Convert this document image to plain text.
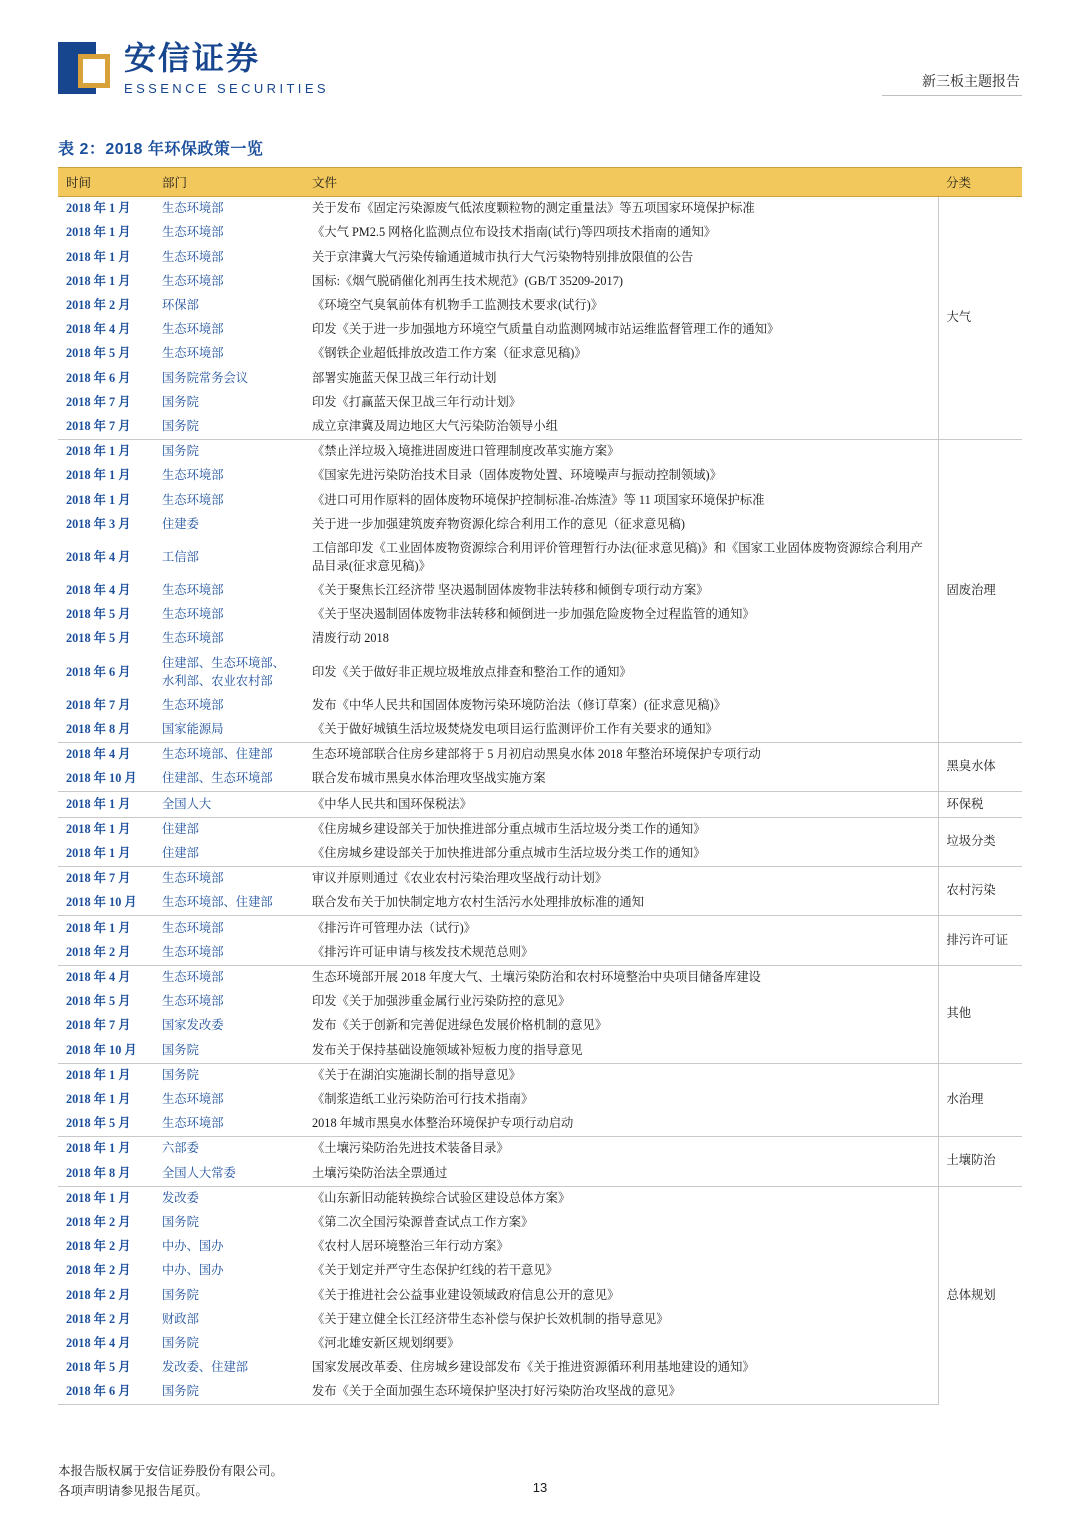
安信证券
ESSENCE SECURITIES	新三板主题报告
表 2：2018 年环保政策一览
时间	部门	文件	分类
2018 年 1 月	生态环境部	关于发布《固定污染源废气低浓度颗粒物的测定重量法》等五项国家环境保护标准	大气
2018 年 1 月	生态环境部	《大气 PM2.5 网格化监测点位布设技术指南(试行)等四项技术指南的通知》	
2018 年 1 月	生态环境部	关于京津冀大气污染传输通道城市执行大气污染物特别排放限值的公告	
2018 年 1 月	生态环境部	国标:《烟气脱硝催化剂再生技术规范》(GB/T 35209-2017)	
2018 年 2 月	环保部	《环境空气臭氧前体有机物手工监测技术要求(试行)》	
2018 年 4 月	生态环境部	印发《关于进一步加强地方环境空气质量自动监测网城市站运维监督管理工作的通知》	
2018 年 5 月	生态环境部	《钢铁企业超低排放改造工作方案（征求意见稿)》	
2018 年 6 月	国务院常务会议	部署实施蓝天保卫战三年行动计划	
2018 年 7 月	国务院	印发《打赢蓝天保卫战三年行动计划》	
2018 年 7 月	国务院	成立京津冀及周边地区大气污染防治领导小组	
2018 年 1 月	国务院	《禁止洋垃圾入境推进固废进口管理制度改革实施方案》	固废治理
2018 年 1 月	生态环境部	《国家先进污染防治技术目录（固体废物处置、环境噪声与振动控制领域)》	
2018 年 1 月	生态环境部	《进口可用作原料的固体废物环境保护控制标准-冶炼渣》等 11 项国家环境保护标准	
2018 年 3 月	住建委	关于进一步加强建筑废弃物资源化综合利用工作的意见（征求意见稿)	
2018 年 4 月	工信部	工信部印发《工业固体废物资源综合利用评价管理暂行办法(征求意见稿)》和《国家工业固体废物资源综合利用产品目录(征求意见稿)》	
2018 年 4 月	生态环境部	《关于聚焦长江经济带 坚决遏制固体废物非法转移和倾倒专项行动方案》	
2018 年 5 月	生态环境部	《关于坚决遏制固体废物非法转移和倾倒进一步加强危险废物全过程监管的通知》	
2018 年 5 月	生态环境部	清废行动 2018	
2018 年 6 月	住建部、生态环境部、水利部、农业农村部	印发《关于做好非正规垃圾堆放点排查和整治工作的通知》	
2018 年 7 月	生态环境部	发布《中华人民共和国固体废物污染环境防治法（修订草案）(征求意见稿)》	
2018 年 8 月	国家能源局	《关于做好城镇生活垃圾焚烧发电项目运行监测评价工作有关要求的通知》	
2018 年 4 月	生态环境部、住建部	生态环境部联合住房乡建部将于 5 月初启动黑臭水体 2018 年整治环境保护专项行动	黑臭水体
2018 年 10 月	住建部、生态环境部	联合发布城市黑臭水体治理攻坚战实施方案	
2018 年 1 月	全国人大	《中华人民共和国环保税法》	环保税
2018 年 1 月	住建部	《住房城乡建设部关于加快推进部分重点城市生活垃圾分类工作的通知》	垃圾分类
2018 年 1 月	住建部	《住房城乡建设部关于加快推进部分重点城市生活垃圾分类工作的通知》	
2018 年 7 月	生态环境部	审议并原则通过《农业农村污染治理攻坚战行动计划》	农村污染
2018 年 10 月	生态环境部、住建部	联合发布关于加快制定地方农村生活污水处理排放标准的通知	
2018 年 1 月	生态环境部	《排污许可管理办法（试行)》	排污许可证
2018 年 2 月	生态环境部	《排污许可证申请与核发技术规范总则》	
2018 年 4 月	生态环境部	生态环境部开展 2018 年度大气、土壤污染防治和农村环境整治中央项目储备库建设	其他
2018 年 5 月	生态环境部	印发《关于加强涉重金属行业污染防控的意见》	
2018 年 7 月	国家发改委	发布《关于创新和完善促进绿色发展价格机制的意见》	
2018 年 10 月	国务院	发布关于保持基础设施领域补短板力度的指导意见	
2018 年 1 月	国务院	《关于在湖泊实施湖长制的指导意见》	水治理
2018 年 1 月	生态环境部	《制浆造纸工业污染防治可行技术指南》	
2018 年 5 月	生态环境部	2018 年城市黑臭水体整治环境保护专项行动启动	
2018 年 1 月	六部委	《土壤污染防治先进技术装备目录》	土壤防治
2018 年 8 月	全国人大常委	土壤污染防治法全票通过	
2018 年 1 月	发改委	《山东新旧动能转换综合试验区建设总体方案》	总体规划
2018 年 2 月	国务院	《第二次全国污染源普查试点工作方案》	
2018 年 2 月	中办、国办	《农村人居环境整治三年行动方案》	
2018 年 2 月	中办、国办	《关于划定并严守生态保护红线的若干意见》	
2018 年 2 月	国务院	《关于推进社会公益事业建设领域政府信息公开的意见》	
2018 年 2 月	财政部	《关于建立健全长江经济带生态补偿与保护长效机制的指导意见》	
2018 年 4 月	国务院	《河北雄安新区规划纲要》	
2018 年 5 月	发改委、住建部	国家发展改革委、住房城乡建设部发布《关于推进资源循环利用基地建设的通知》	
2018 年 6 月	国务院	发布《关于全面加强生态环境保护坚决打好污染防治攻坚战的意见》	
本报告版权属于安信证券股份有限公司。
各项声明请参见报告尾页。	13
